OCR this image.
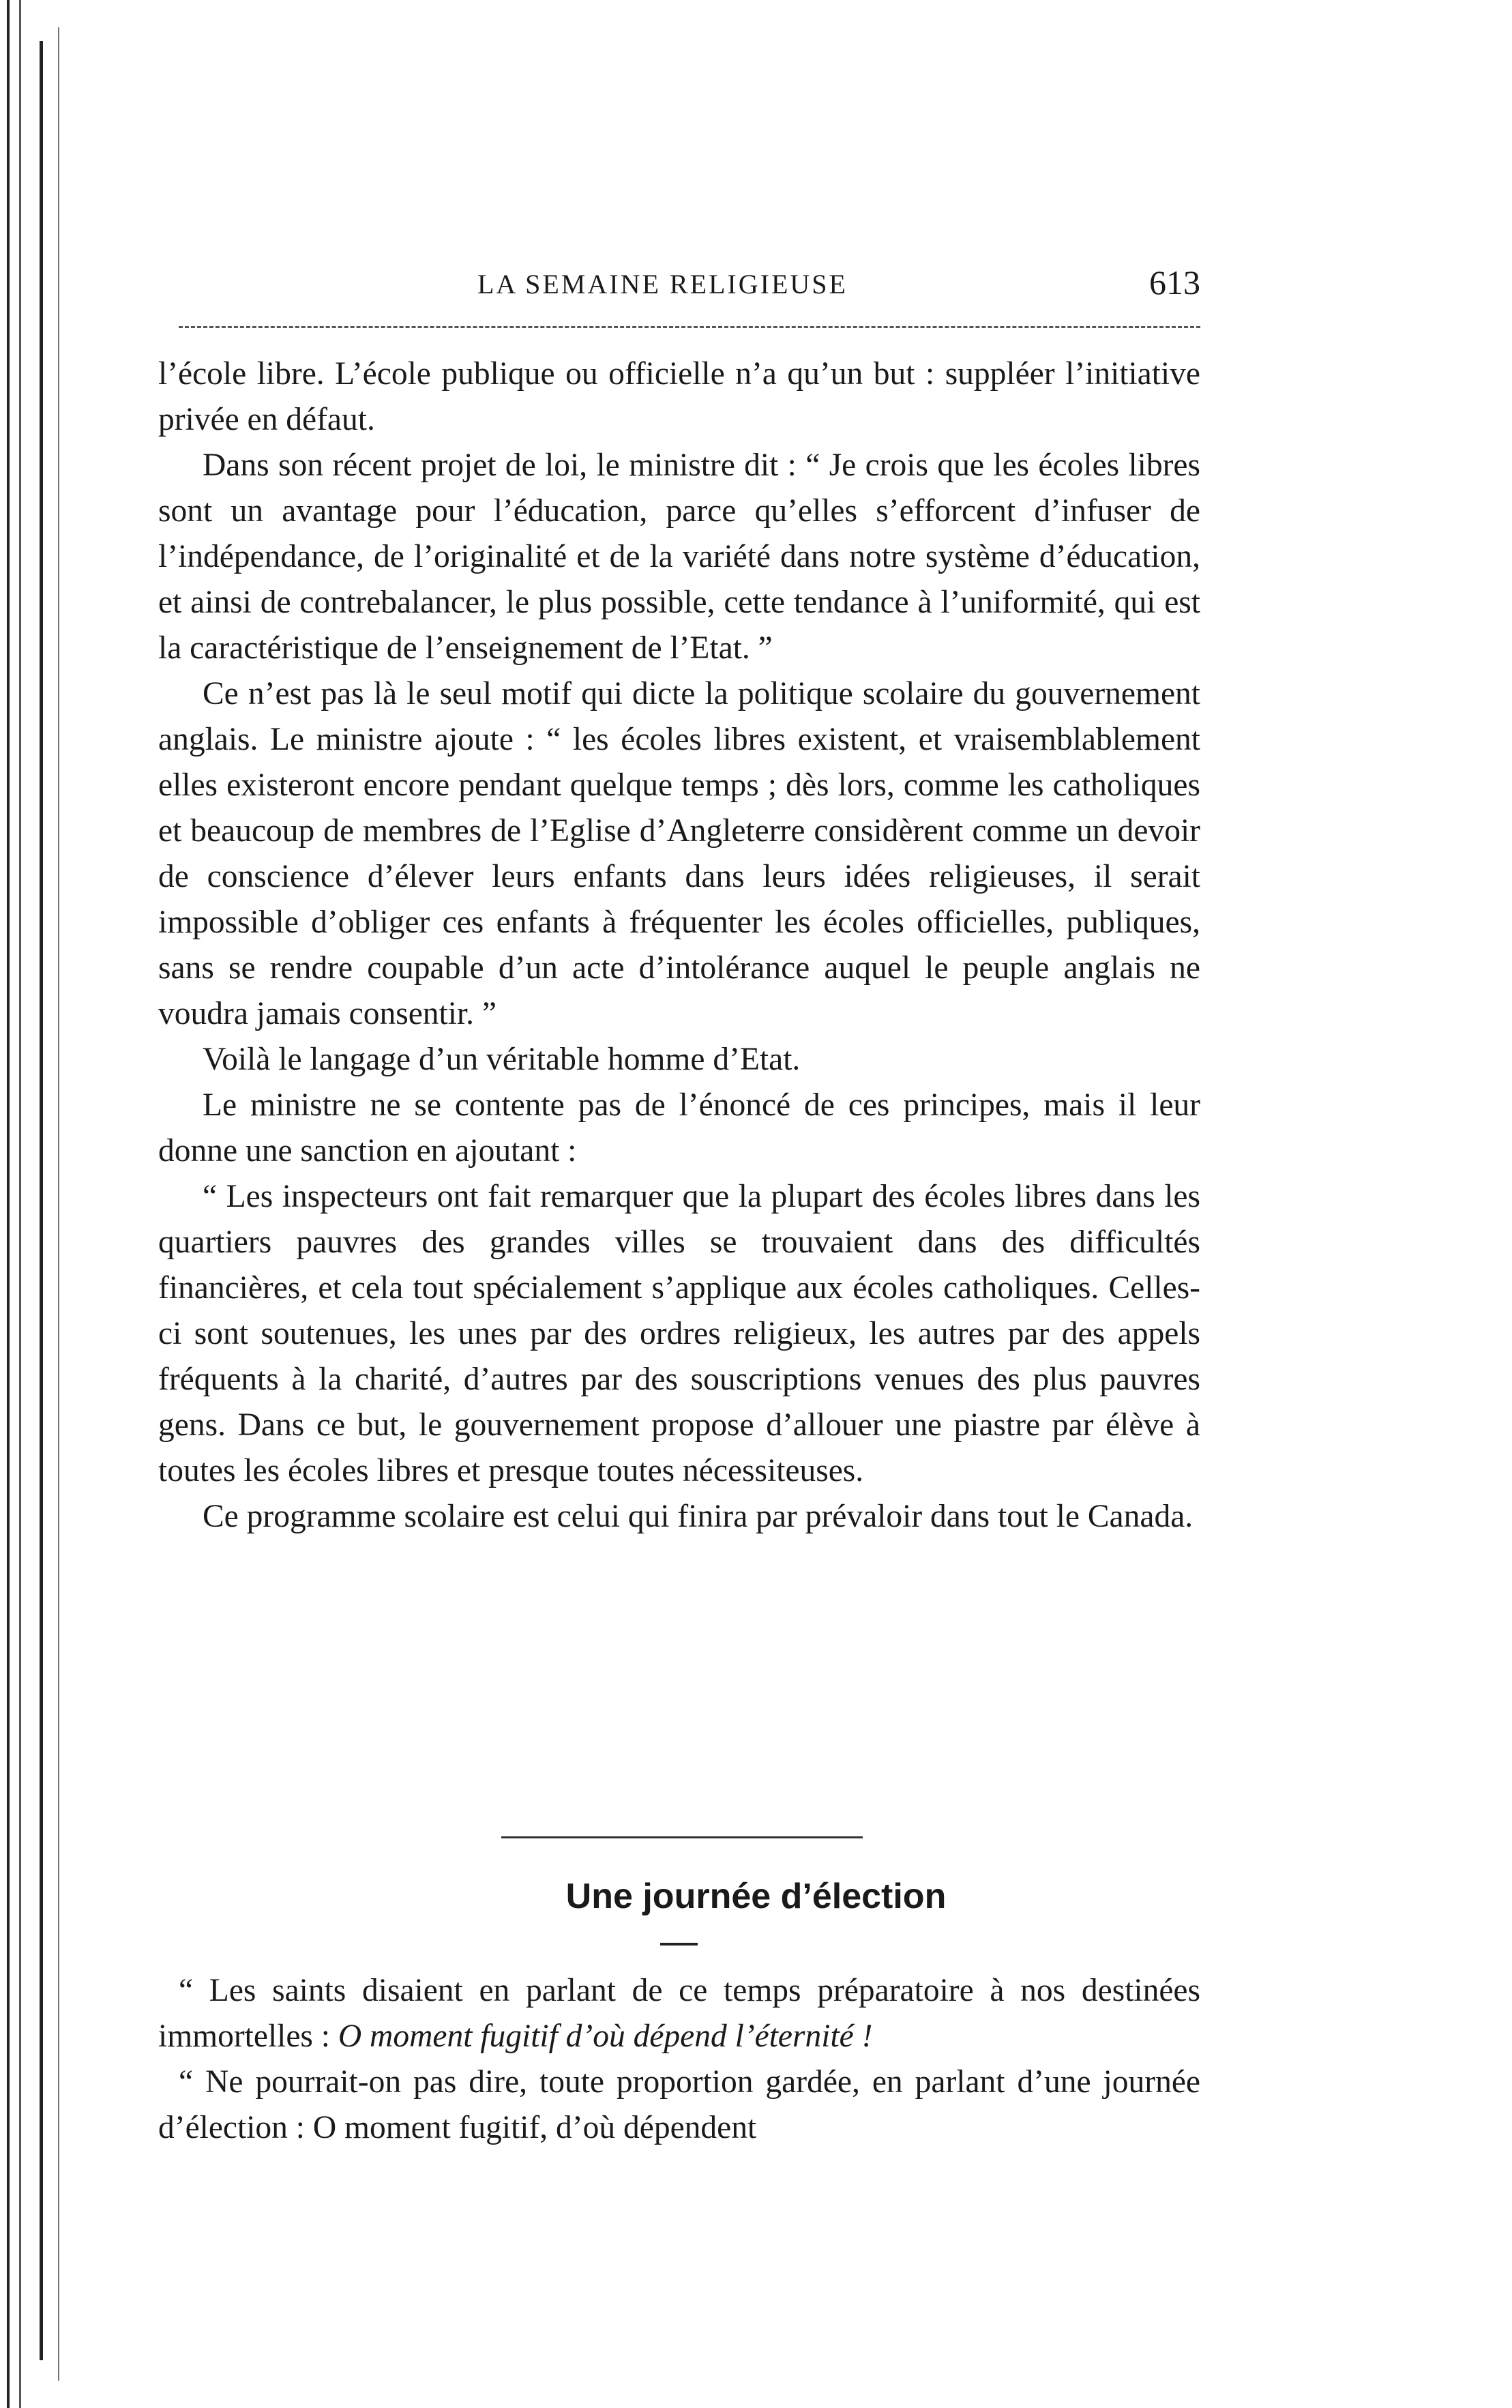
LA SEMAINE RELIGIEUSE	613

l’école libre. L’école publique ou officielle n’a qu’un but : suppléer l’initiative privée en défaut.

Dans son récent projet de loi, le ministre dit : “ Je crois que les écoles libres sont un avantage pour l’éducation, parce qu’elles s’efforcent d’infuser de l’indépendance, de l’originalité et de la variété dans notre système d’éducation, et ainsi de contrebalancer, le plus possible, cette tendance à l’uniformité, qui est la caractéristique de l’enseignement de l’Etat. ”

Ce n’est pas là le seul motif qui dicte la politique scolaire du gouvernement anglais. Le ministre ajoute : “ les écoles libres existent, et vraisemblablement elles existeront encore pendant quelque temps ; dès lors, comme les catholiques et beaucoup de membres de l’Eglise d’Angleterre considèrent comme un devoir de conscience d’élever leurs enfants dans leurs idées religieuses, il serait impossible d’obliger ces enfants à fréquenter les écoles officielles, publiques, sans se rendre coupable d’un acte d’intolérance auquel le peuple anglais ne voudra jamais consentir. ”

Voilà le langage d’un véritable homme d’Etat.

Le ministre ne se contente pas de l’énoncé de ces principes, mais il leur donne une sanction en ajoutant :

“ Les inspecteurs ont fait remarquer que la plupart des écoles libres dans les quartiers pauvres des grandes villes se trouvaient dans des difficultés financières, et cela tout spécialement s’applique aux écoles catholiques. Celles-ci sont soutenues, les unes par des ordres religieux, les autres par des appels fréquents à la charité, d’autres par des souscriptions venues des plus pauvres gens. Dans ce but, le gouvernement propose d’allouer une piastre par élève à toutes les écoles libres et presque toutes nécessiteuses.

Ce programme scolaire est celui qui finira par prévaloir dans tout le Canada.

Une journée d’élection

“ Les saints disaient en parlant de ce temps préparatoire à nos destinées immortelles : O moment fugitif d’où dépend l’éternité !

“ Ne pourrait-on pas dire, toute proportion gardée, en parlant d’une journée d’élection : O moment fugitif, d’où dépendent
